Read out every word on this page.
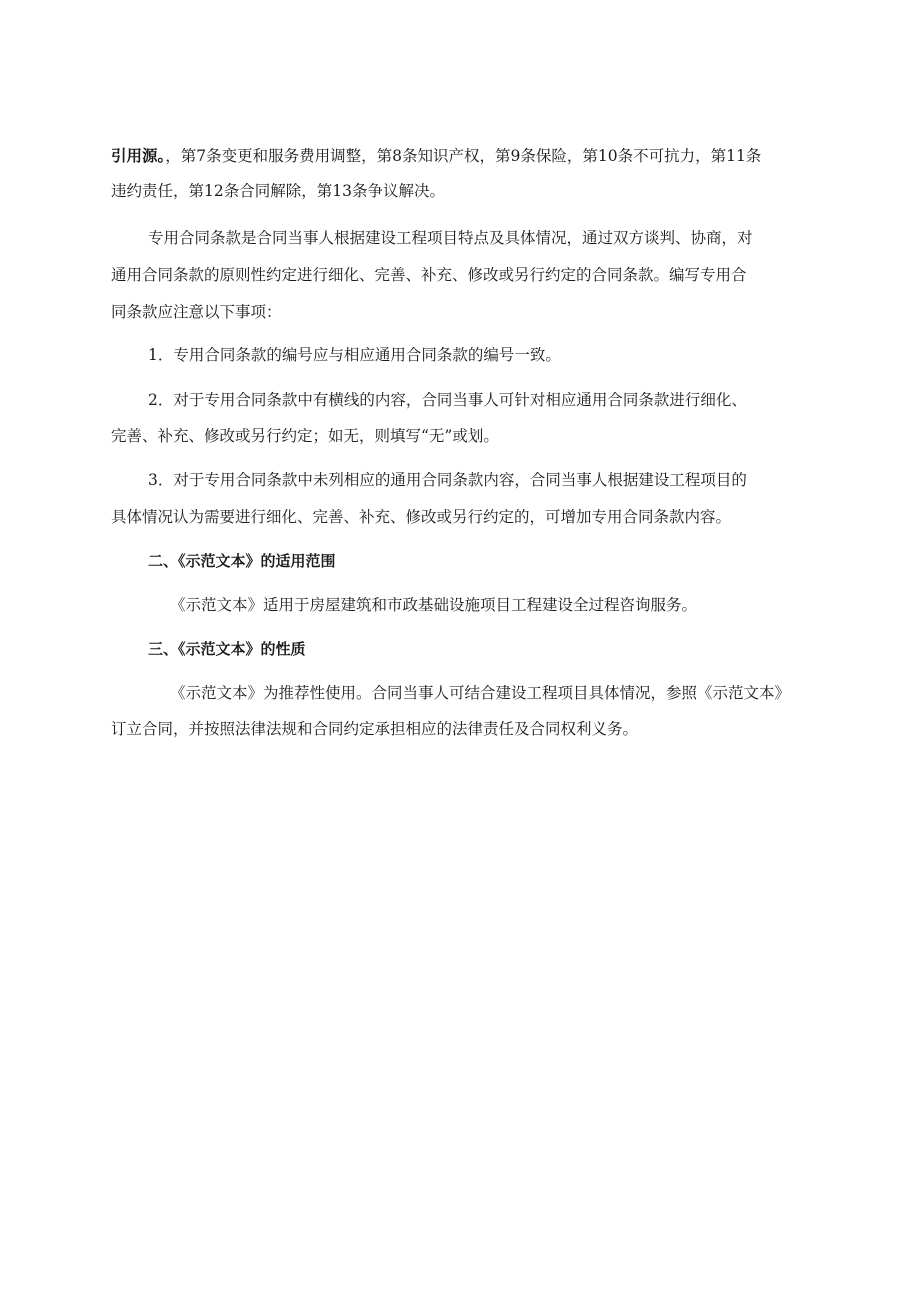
引用源。，第7条变更和服务费用调整，第8条知识产权，第9条保险，第10条不可抗力，第11条
违约责任，第12条合同解除，第13条争议解决。
专用合同条款是合同当事人根据建设工程项目特点及具体情况，通过双方谈判、协商，对
通用合同条款的原则性约定进行细化、完善、补充、修改或另行约定的合同条款。编写专用合
同条款应注意以下事项：
1．专用合同条款的编号应与相应通用合同条款的编号一致。
2．对于专用合同条款中有横线的内容，合同当事人可针对相应通用合同条款进行细化、
完善、补充、修改或另行约定；如无，则填写“无”或划。
3．对于专用合同条款中未列相应的通用合同条款内容，合同当事人根据建设工程项目的
具体情况认为需要进行细化、完善、补充、修改或另行约定的，可增加专用合同条款内容。
二、《示范文本》的适用范围
《示范文本》适用于房屋建筑和市政基础设施项目工程建设全过程咨询服务。
三、《示范文本》的性质
《示范文本》为推荐性使用。合同当事人可结合建设工程项目具体情况，参照《示范文本》
订立合同，并按照法律法规和合同约定承担相应的法律责任及合同权利义务。
